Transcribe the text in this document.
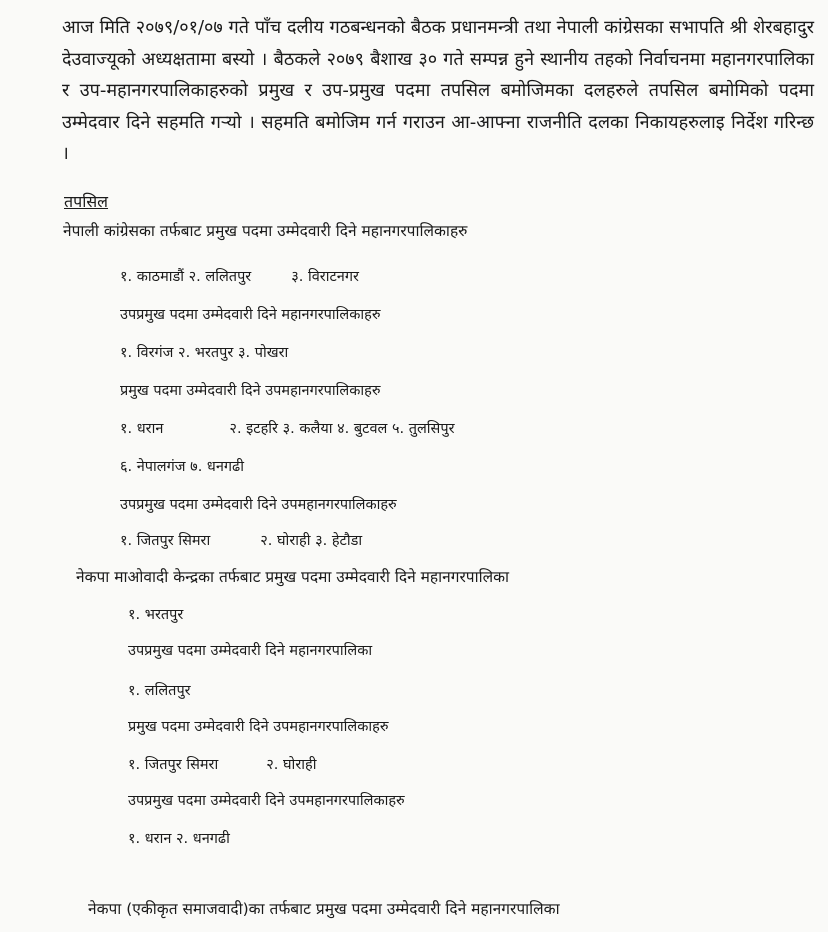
आज मिति २०७९/०१/०७ गते पाँच दलीय गठबन्धनको बैठक प्रधानमन्त्री तथा नेपाली कांग्रेसका सभापति श्री शेरबहादुर देउवाज्यूको अध्यक्षतामा बस्यो । बैठकले २०७९ बैशाख ३० गते सम्पन्न हुने स्थानीय तहको निर्वाचनमा महानगरपालिका र उप-महानगरपालिकाहरुको प्रमुख र उप-प्रमुख पदमा तपसिल बमोजिमका दलहरुले तपसिल बमोमिको पदमा उम्मेदवार दिने सहमति गर्‍यो । सहमति बमोजिम गर्न गराउन आ-आफ्ना राजनीति दलका निकायहरुलाइ निर्देश गरिन्छ ।

तपसिल

नेपाली कांग्रेसका तर्फबाट प्रमुख पदमा उम्मेदवारी दिने महानगरपालिकाहरु

१. काठमाडौं २. ललितपुर	३. विराटनगर

उपप्रमुख पदमा उम्मेदवारी दिने महानगरपालिकाहरु

१. विरगंज २. भरतपुर ३. पोखरा

प्रमुख पदमा उम्मेदवारी दिने उपमहानगरपालिकाहरु

१. धरान	२. इटहरि ३. कलैया ४. बुटवल ५. तुलसिपुर

६. नेपालगंज ७. धनगढी

उपप्रमुख पदमा उम्मेदवारी दिने उपमहानगरपालिकाहरु

१. जितपुर सिमरा	२. घोराही ३. हेटौडा

नेकपा माओवादी केन्द्रका तर्फबाट प्रमुख पदमा उम्मेदवारी दिने महानगरपालिका

१. भरतपुर

उपप्रमुख पदमा उम्मेदवारी दिने महानगरपालिका

१. ललितपुर

प्रमुख पदमा उम्मेदवारी दिने उपमहानगरपालिकाहरु

१. जितपुर सिमरा	२. घोराही

उपप्रमुख पदमा उम्मेदवारी दिने उपमहानगरपालिकाहरु

१. धरान २. धनगढी

नेकपा (एकीकृत समाजवादी)का तर्फबाट प्रमुख पदमा उम्मेदवारी दिने महानगरपालिका
